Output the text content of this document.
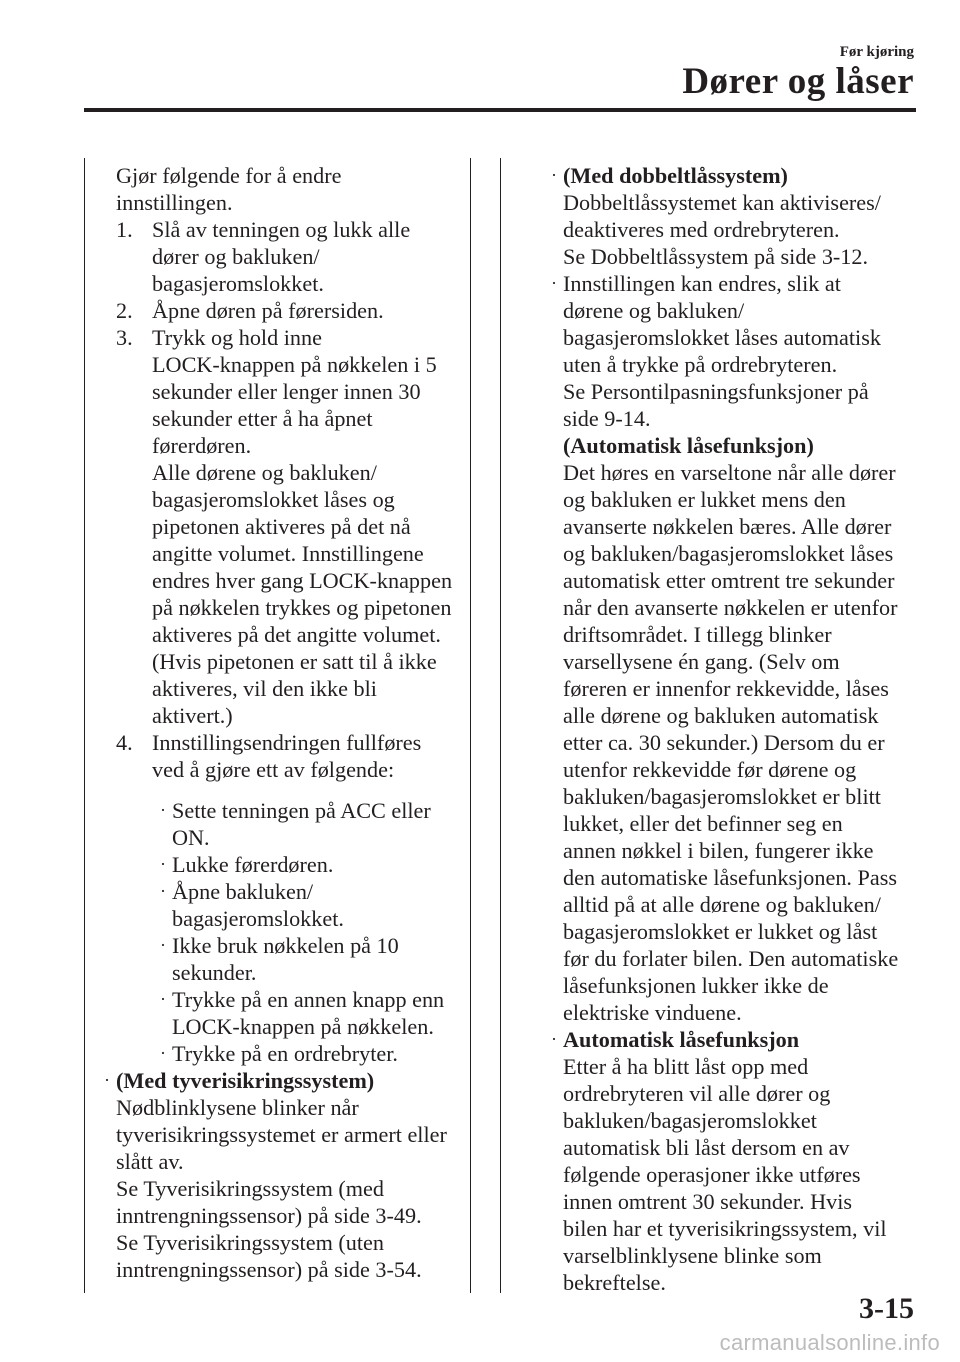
Før kjøring
Dører og låser

Gjør følgende for å endre

innstillingen.

1. Slå av tenningen og lukk alle

dører og bakluken/

bagasjeromslokket.

2. Åpne døren på førersiden.

3. Trykk og hold inne

LOCK-knappen på nøkkelen i 5

sekunder eller lenger innen 30

sekunder etter å ha åpnet

førerdøren.

Alle dørene og bakluken/

bagasjeromslokket låses og

pipetonen aktiveres på det nå

angitte volumet. Innstillingene

endres hver gang LOCK-knappen

på nøkkelen trykkes og pipetonen

aktiveres på det angitte volumet.

(Hvis pipetonen er satt til å ikke

aktiveres, vil den ikke bli

aktivert.)

4. Innstillingsendringen fullføres

ved å gjøre ett av følgende:

· Sette tenningen på ACC eller

ON.

· Lukke førerdøren.

· Åpne bakluken/

bagasjeromslokket.

· Ikke bruk nøkkelen på 10

sekunder.

· Trykke på en annen knapp enn

LOCK-knappen på nøkkelen.

· Trykke på en ordrebryter.

· (Med tyverisikringssystem)

Nødblinklysene blinker når

tyverisikringssystemet er armert eller

slått av.

Se Tyverisikringssystem (med

inntrengningssensor) på side 3-49.

Se Tyverisikringssystem (uten

inntrengningssensor) på side 3-54.

· (Med dobbeltlåssystem)

Dobbeltlåssystemet kan aktiviseres/

deaktiveres med ordrebryteren.

Se Dobbeltlåssystem på side 3-12.

· Innstillingen kan endres, slik at

dørene og bakluken/

bagasjeromslokket låses automatisk

uten å trykke på ordrebryteren.

Se Persontilpasningsfunksjoner på

side 9-14.

(Automatisk låsefunksjon)

Det høres en varseltone når alle dører

og bakluken er lukket mens den

avanserte nøkkelen bæres. Alle dører

og bakluken/bagasjeromslokket låses

automatisk etter omtrent tre sekunder

når den avanserte nøkkelen er utenfor

driftsområdet. I tillegg blinker

varsellysene én gang. (Selv om

føreren er innenfor rekkevidde, låses

alle dørene og bakluken automatisk

etter ca. 30 sekunder.) Dersom du er

utenfor rekkevidde før dørene og

bakluken/bagasjeromslokket er blitt

lukket, eller det befinner seg en

annen nøkkel i bilen, fungerer ikke

den automatiske låsefunksjonen. Pass

alltid på at alle dørene og bakluken/

bagasjeromslokket er lukket og låst

før du forlater bilen. Den automatiske

låsefunksjonen lukker ikke de

elektriske vinduene.

· Automatisk låsefunksjon

Etter å ha blitt låst opp med

ordrebryteren vil alle dører og

bakluken/bagasjeromslokket

automatisk bli låst dersom en av

følgende operasjoner ikke utføres

innen omtrent 30 sekunder. Hvis

bilen har et tyverisikringssystem, vil

varselblinklysene blinke som

bekreftelse.

3-15
carmanualsonline.info
